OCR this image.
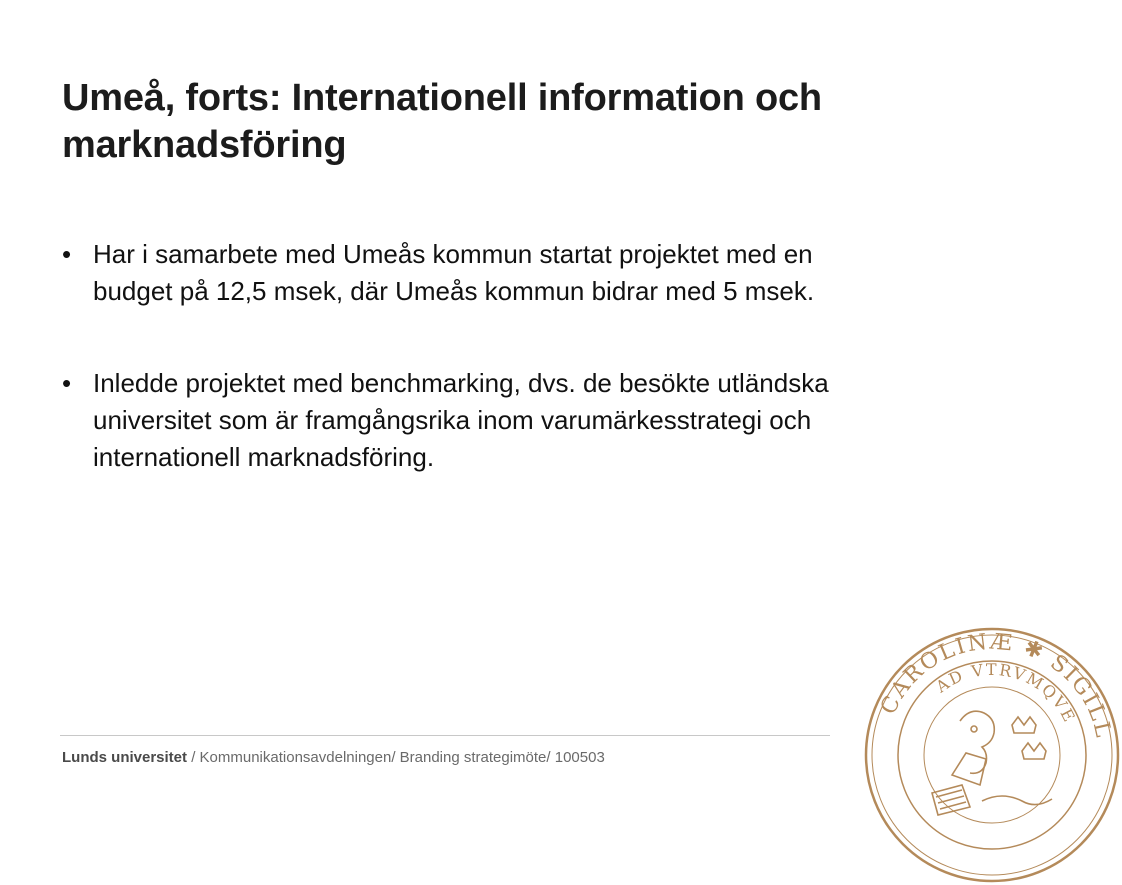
Umeå, forts: Internationell information och marknadsföring
• Har i samarbete med Umeås kommun startat projektet med en budget på 12,5 msek, där Umeås kommun bidrar med 5 msek.
• Inledde projektet med benchmarking, dvs. de besökte utländska universitet som är framgångsrika inom varumärkesstrategi och internationell marknadsföring.
Lunds universitet / Kommunikationsavdelningen/ Branding strategimöte/ 100503
CAROLINÆ ✱ SIGILL
AD VTRVMQVE
